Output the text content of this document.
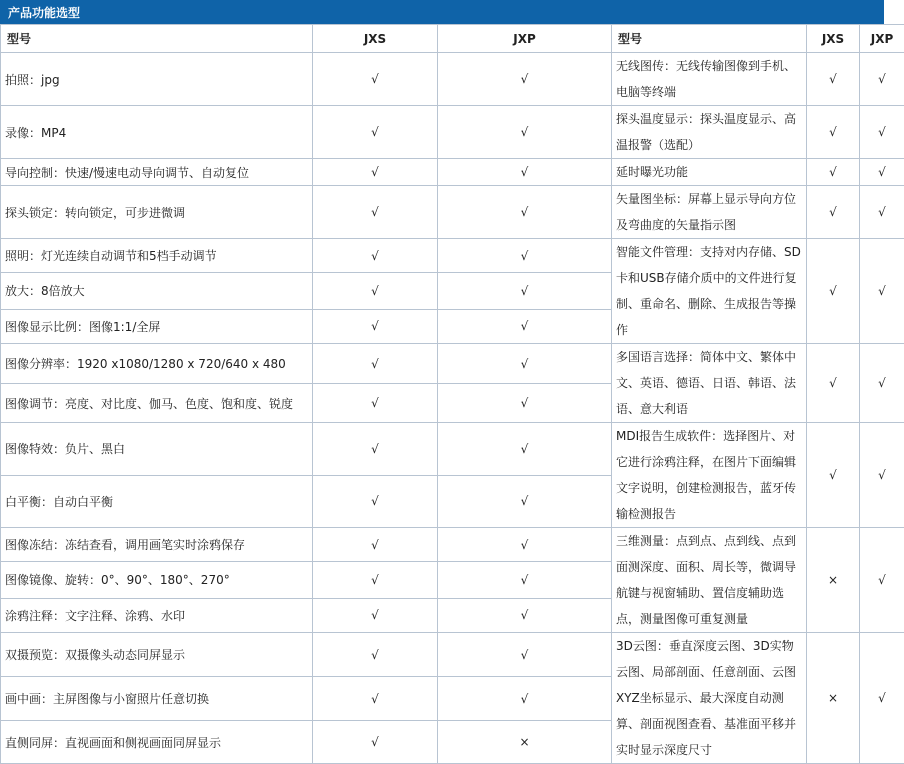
产品功能选型
型号	JXS	JXP	型号	JXS	JXP
拍照：jpg	√	√	无线图传：无线传输图像到手机、电脑等终端	√	√
录像：MP4	√	√	探头温度显示：探头温度显示、高温报警（选配）	√	√
导向控制：快速/慢速电动导向调节、自动复位	√	√	延时曝光功能	√	√
探头锁定：转向锁定，可步进微调	√	√	矢量图坐标：屏幕上显示导向方位及弯曲度的矢量指示图	√	√
照明：灯光连续自动调节和5档手动调节	√	√	智能文件管理：支持对内存储、SD卡和USB存储介质中的文件进行复制、重命名、删除、生成报告等操作	√	√
放大：8倍放大	√	√			
图像显示比例：图像1:1/全屏	√	√			
图像分辨率：1920 x1080/1280 x 720/640 x 480	√	√	多国语言选择：简体中文、繁体中文、英语、德语、日语、韩语、法语、意大利语	√	√
图像调节：亮度、对比度、伽马、色度、饱和度、锐度	√	√			
图像特效：负片、黑白	√	√	MDI报告生成软件：选择图片、对它进行涂鸦注释，在图片下面编辑文字说明，创建检测报告，蓝牙传输检测报告	√	√
白平衡：自动白平衡	√	√			
图像冻结：冻结查看，调用画笔实时涂鸦保存	√	√	三维测量：点到点、点到线、点到面测深度、面积、周长等，微调导航键与视窗辅助、置信度辅助选点，测量图像可重复测量	×	√
图像镜像、旋转：0°、90°、180°、270°	√	√			
涂鸦注释：文字注释、涂鸦、水印	√	√			
双摄预览：双摄像头动态同屏显示	√	√	3D云图：垂直深度云图、3D实物云图、局部剖面、任意剖面、云图XYZ坐标显示、最大深度自动测算、剖面视图查看、基准面平移并实时显示深度尺寸	×	√
画中画：主屏图像与小窗照片任意切换	√	√			
直侧同屏：直视画面和侧视画面同屏显示	√	×			
